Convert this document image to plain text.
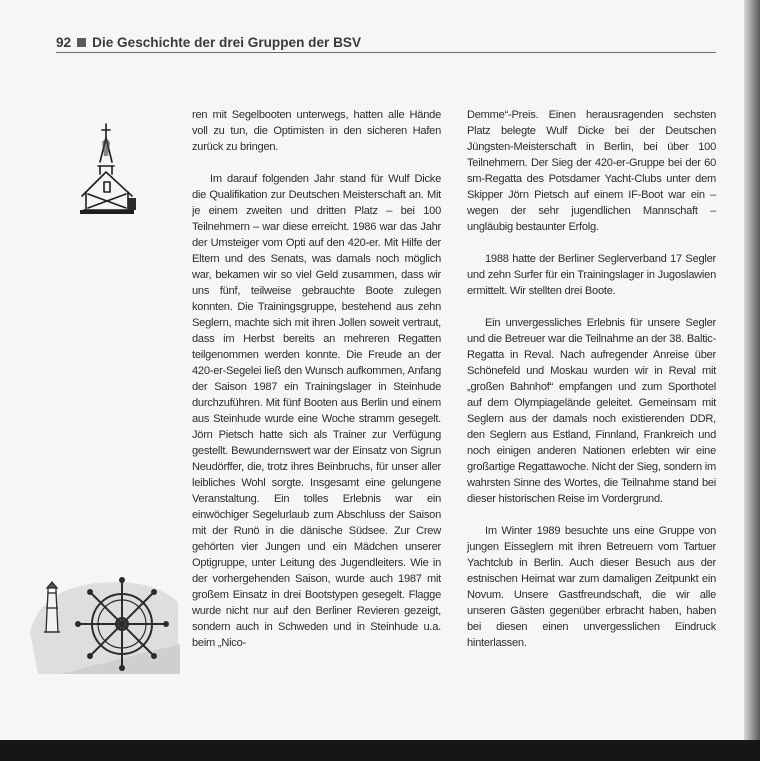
92 Die Geschichte der drei Gruppen der BSV

ren mit Segelbooten unterwegs, hatten alle Hände voll zu tun, die Optimisten in den sicheren Hafen zurück zu bringen.

Im darauf folgenden Jahr stand für Wulf Dicke die Qualifikation zur Deutschen Meisterschaft an. Mit je einem zweiten und dritten Platz – bei 100 Teilnehmern – war diese erreicht. 1986 war das Jahr der Umsteiger vom Opti auf den 420-er. Mit Hilfe der Eltern und des Senats, was damals noch möglich war, bekamen wir so viel Geld zusammen, dass wir uns fünf, teilweise gebrauchte Boote zulegen konnten. Die Trainingsgruppe, bestehend aus zehn Seglern, machte sich mit ihren Jollen soweit vertraut, dass im Herbst bereits an mehreren Regatten teilgenommen werden konnte. Die Freude an der 420-er-Segelei ließ den Wunsch aufkommen, Anfang der Saison 1987 ein Trainingslager in Steinhude durchzuführen. Mit fünf Booten aus Berlin und einem aus Steinhude wurde eine Woche stramm gesegelt. Jörn Pietsch hatte sich als Trainer zur Verfügung gestellt. Bewundernswert war der Einsatz von Sigrun Neudörffer, die, trotz ihres Beinbruchs, für unser aller leibliches Wohl sorgte. Insgesamt eine gelungene Veranstaltung. Ein tolles Erlebnis war ein einwöchiger Segelurlaub zum Abschluss der Saison mit der Runö in die dänische Südsee. Zur Crew gehörten vier Jungen und ein Mädchen unserer Optigruppe, unter Leitung des Jugendleiters. Wie in der vorhergehenden Saison, wurde auch 1987 mit großem Einsatz in drei Bootstypen gesegelt. Flagge wurde nicht nur auf den Berliner Revieren gezeigt, sondern auch in Schweden und in Steinhude u.a. beim „Nico-

Demme“-Preis. Einen herausragenden sechsten Platz belegte Wulf Dicke bei der Deutschen Jüngsten-Meisterschaft in Berlin, bei über 100 Teilnehmern. Der Sieg der 420-er-Gruppe bei der 60 sm-Regatta des Potsdamer Yacht-Clubs unter dem Skipper Jörn Pietsch auf einem IF-Boot war ein – wegen der sehr jugendlichen Mannschaft – ungläubig bestaunter Erfolg.

1988 hatte der Berliner Seglerverband 17 Segler und zehn Surfer für ein Trainingslager in Jugoslawien ermittelt. Wir stellten drei Boote.

Ein unvergessliches Erlebnis für unsere Segler und die Betreuer war die Teilnahme an der 38. Baltic-Regatta in Reval. Nach aufregender Anreise über Schönefeld und Moskau wurden wir in Reval mit „großen Bahnhof“ empfangen und zum Sporthotel auf dem Olympiagelände geleitet. Gemeinsam mit Seglern aus der damals noch existierenden DDR, den Seglern aus Estland, Finnland, Frankreich und noch einigen anderen Nationen erlebten wir eine großartige Regattawoche. Nicht der Sieg, sondern im wahrsten Sinne des Wortes, die Teilnahme stand bei dieser historischen Reise im Vordergrund.

Im Winter 1989 besuchte uns eine Gruppe von jungen Eisseglern mit ihren Betreuern vom Tartuer Yachtclub in Berlin. Auch dieser Besuch aus der estnischen Heimat war zum damaligen Zeitpunkt ein Novum. Unsere Gastfreundschaft, die wir alle unseren Gästen gegenüber erbracht haben, haben bei diesen einen unvergesslichen Eindruck hinterlassen.
